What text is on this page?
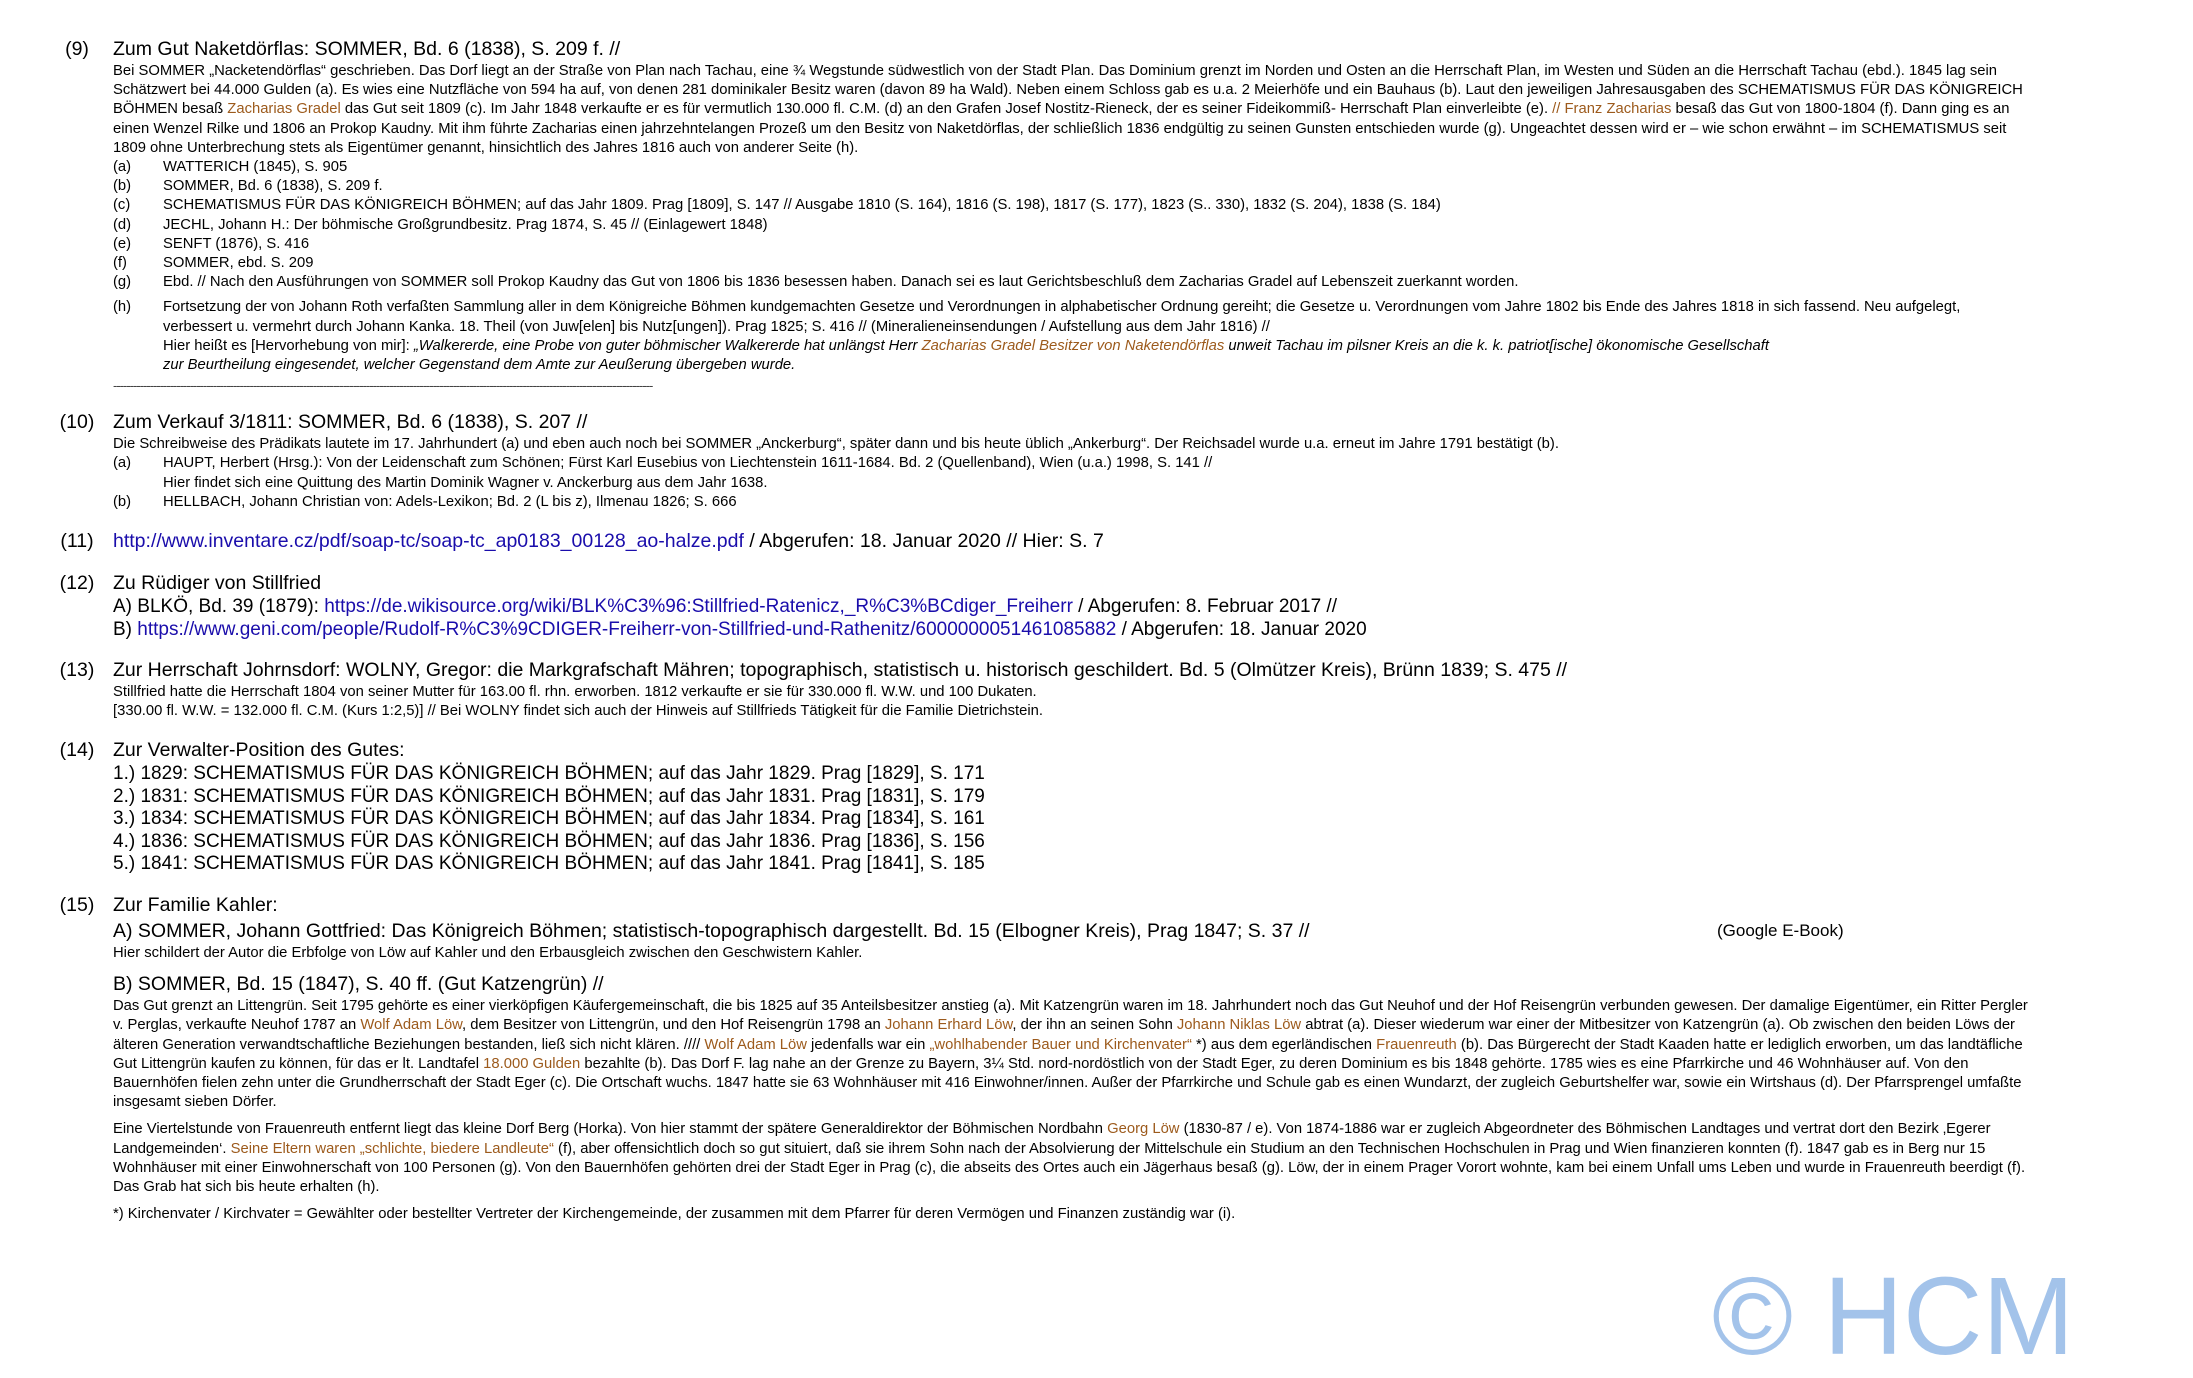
(9)	Zum Gut Naketdörflas: SOMMER, Bd. 6 (1838), S. 209 f. //
Bei SOMMER „Nacketendörflas“ geschrieben. Das Dorf liegt an der Straße von Plan nach Tachau, eine ¾ Wegstunde südwestlich von der Stadt Plan. Das Dominium grenzt im Norden und Osten an die Herrschaft Plan, im Westen und Süden an die Herrschaft Tachau (ebd.). 1845 lag sein Schätzwert bei 44.000 Gulden (a). Es wies eine Nutzfläche von 594 ha auf, von denen 281 dominikaler Besitz waren (davon 89 ha Wald). Neben einem Schloss gab es u.a. 2 Meierhöfe und ein Bauhaus (b). Laut den jeweiligen Jahresausgaben des SCHEMATISMUS FÜR DAS KÖNIGREICH BÖHMEN besaß Zacharias Gradel das Gut seit 1809 (c). Im Jahr 1848 verkaufte er es für vermutlich 130.000 fl. C.M. (d) an den Grafen Josef Nostitz-Rieneck, der es seiner Fideikommiß- Herrschaft Plan einverleibte (e). // Franz Zacharias besaß das Gut von 1800-1804 (f). Dann ging es an einen Wenzel Rilke und 1806 an Prokop Kaudny. Mit ihm führte Zacharias einen jahrzehntelangen Prozeß um den Besitz von Naketdörflas, der schließlich 1836 endgültig zu seinen Gunsten entschieden wurde (g). Ungeachtet dessen wird er – wie schon erwähnt – im SCHEMATISMUS seit 1809 ohne Unterbrechung stets als Eigentümer genannt, hinsichtlich des Jahres 1816 auch von anderer Seite (h).
(a)	WATTERICH (1845), S. 905
(b)	SOMMER, Bd. 6 (1838), S. 209 f.
(c)	SCHEMATISMUS FÜR DAS KÖNIGREICH BÖHMEN; auf das Jahr 1809. Prag [1809], S. 147 // Ausgabe 1810 (S. 164), 1816 (S. 198), 1817 (S. 177), 1823 (S.. 330), 1832 (S. 204), 1838 (S. 184)
(d)	JECHL, Johann H.: Der böhmische Großgrundbesitz. Prag 1874, S. 45 // (Einlagewert 1848)
(e)	SENFT (1876), S. 416
(f)	SOMMER, ebd. S. 209
(g)	Ebd. // Nach den Ausführungen von SOMMER soll Prokop Kaudny das Gut von 1806 bis 1836 besessen haben. Danach sei es laut Gerichtsbeschluß dem Zacharias Gradel auf Lebenszeit zuerkannt worden.
(h)	Fortsetzung der von Johann Roth verfaßten Sammlung aller in dem Königreiche Böhmen kundgemachten Gesetze und Verordnungen in alphabetischer Ordnung gereiht; die Gesetze u. Verordnungen vom Jahre 1802 bis Ende des Jahres 1818 in sich fassend. Neu aufgelegt, verbessert u. vermehrt durch Johann Kanka. 18. Theil (von Juw[elen] bis Nutz[ungen]). Prag 1825; S. 416 // (Mineralieneinsendungen / Aufstellung aus dem Jahr 1816) //
Hier heißt es [Hervorhebung von mir]: „Walkererde, eine Probe von guter böhmischer Walkererde hat unlängst Herr Zacharias Gradel Besitzer von Naketendörflas unweit Tachau im pilsner Kreis an die k. k. patriot[ische] ökonomische Gesellschaft
zur Beurtheilung eingesendet, welcher Gegenstand dem Amte zur Aeußerung übergeben wurde.
------------------------------------------------------------------------------------------------------------------------------------------------------------------
(10) Zum Verkauf 3/1811: SOMMER, Bd. 6 (1838), S. 207 //
Die Schreibweise des Prädikats lautete im 17. Jahrhundert (a) und eben auch noch bei SOMMER „Anckerburg“, später dann und bis heute üblich „Ankerburg“. Der Reichsadel wurde u.a. erneut im Jahre 1791 bestätigt (b).
(a)	HAUPT, Herbert (Hrsg.): Von der Leidenschaft zum Schönen; Fürst Karl Eusebius von Liechtenstein 1611-1684. Bd. 2 (Quellenband), Wien (u.a.) 1998, S. 141 //
Hier findet sich eine Quittung des Martin Dominik Wagner v. Anckerburg aus dem Jahr 1638.
(b)	HELLBACH, Johann Christian von: Adels-Lexikon; Bd. 2 (L bis z), Ilmenau 1826; S. 666
(11) http://www.inventare.cz/pdf/soap-tc/soap-tc_ap0183_00128_ao-halze.pdf / Abgerufen: 18. Januar 2020 // Hier: S. 7
(12) Zu Rüdiger von Stillfried
A) BLKÖ, Bd. 39 (1879): https://de.wikisource.org/wiki/BLK%C3%96:Stillfried-Ratenicz,_R%C3%BCdiger_Freiherr / Abgerufen: 8. Februar 2017 //
B) https://www.geni.com/people/Rudolf-R%C3%9CDIGER-Freiherr-von-Stillfried-und-Rathenitz/6000000051461085882 / Abgerufen: 18. Januar 2020
(13) Zur Herrschaft Johrnsdorf: WOLNY, Gregor: die Markgrafschaft Mähren; topographisch, statistisch u. historisch geschildert. Bd. 5 (Olmützer Kreis), Brünn 1839; S. 475 //
Stillfried hatte die Herrschaft 1804 von seiner Mutter für 163.00 fl. rhn. erworben. 1812 verkaufte er sie für 330.000 fl. W.W. und 100 Dukaten.
[330.00 fl. W.W. = 132.000 fl. C.M. (Kurs 1:2,5)] // Bei WOLNY findet sich auch der Hinweis auf Stillfrieds Tätigkeit für die Familie Dietrichstein.
(14) Zur Verwalter-Position des Gutes:
1.) 1829: SCHEMATISMUS FÜR DAS KÖNIGREICH BÖHMEN; auf das Jahr 1829. Prag [1829], S. 171
2.) 1831: SCHEMATISMUS FÜR DAS KÖNIGREICH BÖHMEN; auf das Jahr 1831. Prag [1831], S. 179
3.) 1834: SCHEMATISMUS FÜR DAS KÖNIGREICH BÖHMEN; auf das Jahr 1834. Prag [1834], S. 161
4.) 1836: SCHEMATISMUS FÜR DAS KÖNIGREICH BÖHMEN; auf das Jahr 1836. Prag [1836], S. 156
5.) 1841: SCHEMATISMUS FÜR DAS KÖNIGREICH BÖHMEN; auf das Jahr 1841. Prag [1841], S. 185
(15) Zur Familie Kahler:
A) SOMMER, Johann Gottfried: Das Königreich Böhmen; statistisch-topographisch dargestellt. Bd. 15 (Elbogner Kreis), Prag 1847; S. 37 //	(Google E-Book)
Hier schildert der Autor die Erbfolge von Löw auf Kahler und den Erbausgleich zwischen den Geschwistern Kahler.
B) SOMMER, Bd. 15 (1847), S. 40 ff. (Gut Katzengrün) //
Das Gut grenzt an Littengrün. Seit 1795 gehörte es einer vierköpfigen Käufergemeinschaft, die bis 1825 auf 35 Anteilsbesitzer anstieg (a). Mit Katzengrün waren im 18. Jahrhundert noch das Gut Neuhof und der Hof Reisengrün verbunden gewesen. Der damalige Eigentümer, ein Ritter Pergler v. Perglas, verkaufte Neuhof 1787 an Wolf Adam Löw, dem Besitzer von Littengrün, und den Hof Reisengrün 1798 an Johann Erhard Löw, der ihn an seinen Sohn Johann Niklas Löw abtrat (a). Dieser wiederum war einer der Mitbesitzer von Katzengrün (a). Ob zwischen den beiden Löws der älteren Generation verwandtschaftliche Beziehungen bestanden, ließ sich nicht klären. //// Wolf Adam Löw jedenfalls war ein „wohlhabender Bauer und Kirchenvater“ *) aus dem egerländischen Frauenreuth (b). Das Bürgerecht der Stadt Kaaden hatte er lediglich erworben, um das landtäfliche Gut Littengrün kaufen zu können, für das er lt. Landtafel 18.000 Gulden bezahlte (b). Das Dorf F. lag nahe an der Grenze zu Bayern, 3¼ Std. nord-nordöstlich von der Stadt Eger, zu deren Dominium es bis 1848 gehörte. 1785 wies es eine Pfarrkirche und 46 Wohnhäuser auf. Von den Bauernhöfen fielen zehn unter die Grundherrschaft der Stadt Eger (c). Die Ortschaft wuchs. 1847 hatte sie 63 Wohnhäuser mit 416 Einwohner/innen. Außer der Pfarrkirche und Schule gab es einen Wundarzt, der zugleich Geburtshelfer war, sowie ein Wirtshaus (d). Der Pfarrsprengel umfaßte insgesamt sieben Dörfer.
Eine Viertelstunde von Frauenreuth entfernt liegt das kleine Dorf Berg (Horka). Von hier stammt der spätere Generaldirektor der Böhmischen Nordbahn Georg Löw (1830-87 / e). Von 1874-1886 war er zugleich Abgeordneter des Böhmischen Landtages und vertrat dort den Bezirk ‚Egerer Landgemeinden‘. Seine Eltern waren „schlichte, biedere Landleute“ (f), aber offensichtlich doch so gut situiert, daß sie ihrem Sohn nach der Absolvierung der Mittelschule ein Studium an den Technischen Hochschulen in Prag und Wien finanzieren konnten (f). 1847 gab es in Berg nur 15 Wohnhäuser mit einer Einwohnerschaft von 100 Personen (g). Von den Bauernhöfen gehörten drei der Stadt Eger in Prag (c), die abseits des Ortes auch ein Jägerhaus besaß (g). Löw, der in einem Prager Vorort wohnte, kam bei einem Unfall ums Leben und wurde in Frauenreuth beerdigt (f). Das Grab hat sich bis heute erhalten (h).
*) Kirchenvater / Kirchvater = Gewählter oder bestellter Vertreter der Kirchengemeinde, der zusammen mit dem Pfarrer für deren Vermögen und Finanzen zuständig war (i).
© HCM
